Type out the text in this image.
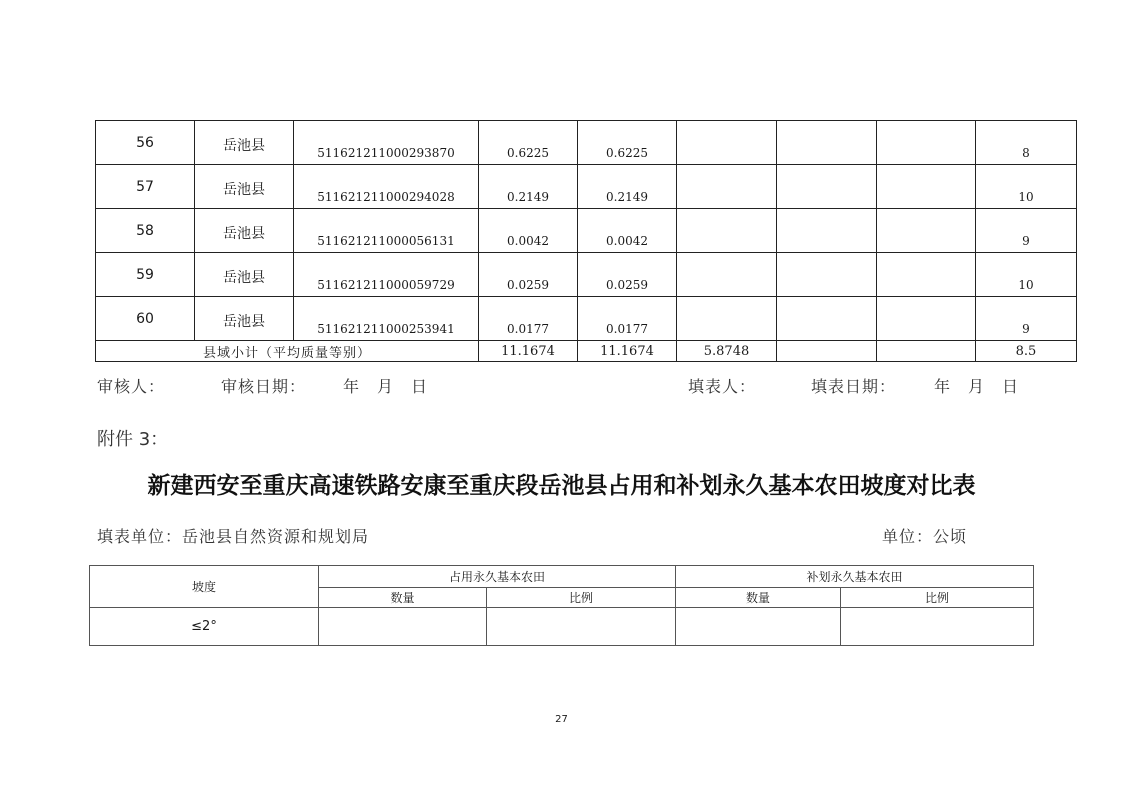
56	岳池县	511621211000293870	0.6225	0.6225				8

57	岳池县	511621211000294028	0.2149	0.2149				10

58	岳池县	511621211000056131	0.0042	0.0042				9

59	岳池县	511621211000059729	0.0259	0.0259				10

60	岳池县	511621211000253941	0.0177	0.0177				9

县域小计（平均质量等别）			11.1674	11.1674	5.8748			8.5
审核人：	审核日期： 年　月　日	填表人：	填表日期： 年　月　日
附件 3：
新建西安至重庆高速铁路安康至重庆段岳池县占用和补划永久基本农田坡度对比表
填表单位：岳池县自然资源和规划局	单位：公顷
坡度	占用永久基本农田		补划永久基本农田	
	数量	比例	数量	比例
≤2°				
27
